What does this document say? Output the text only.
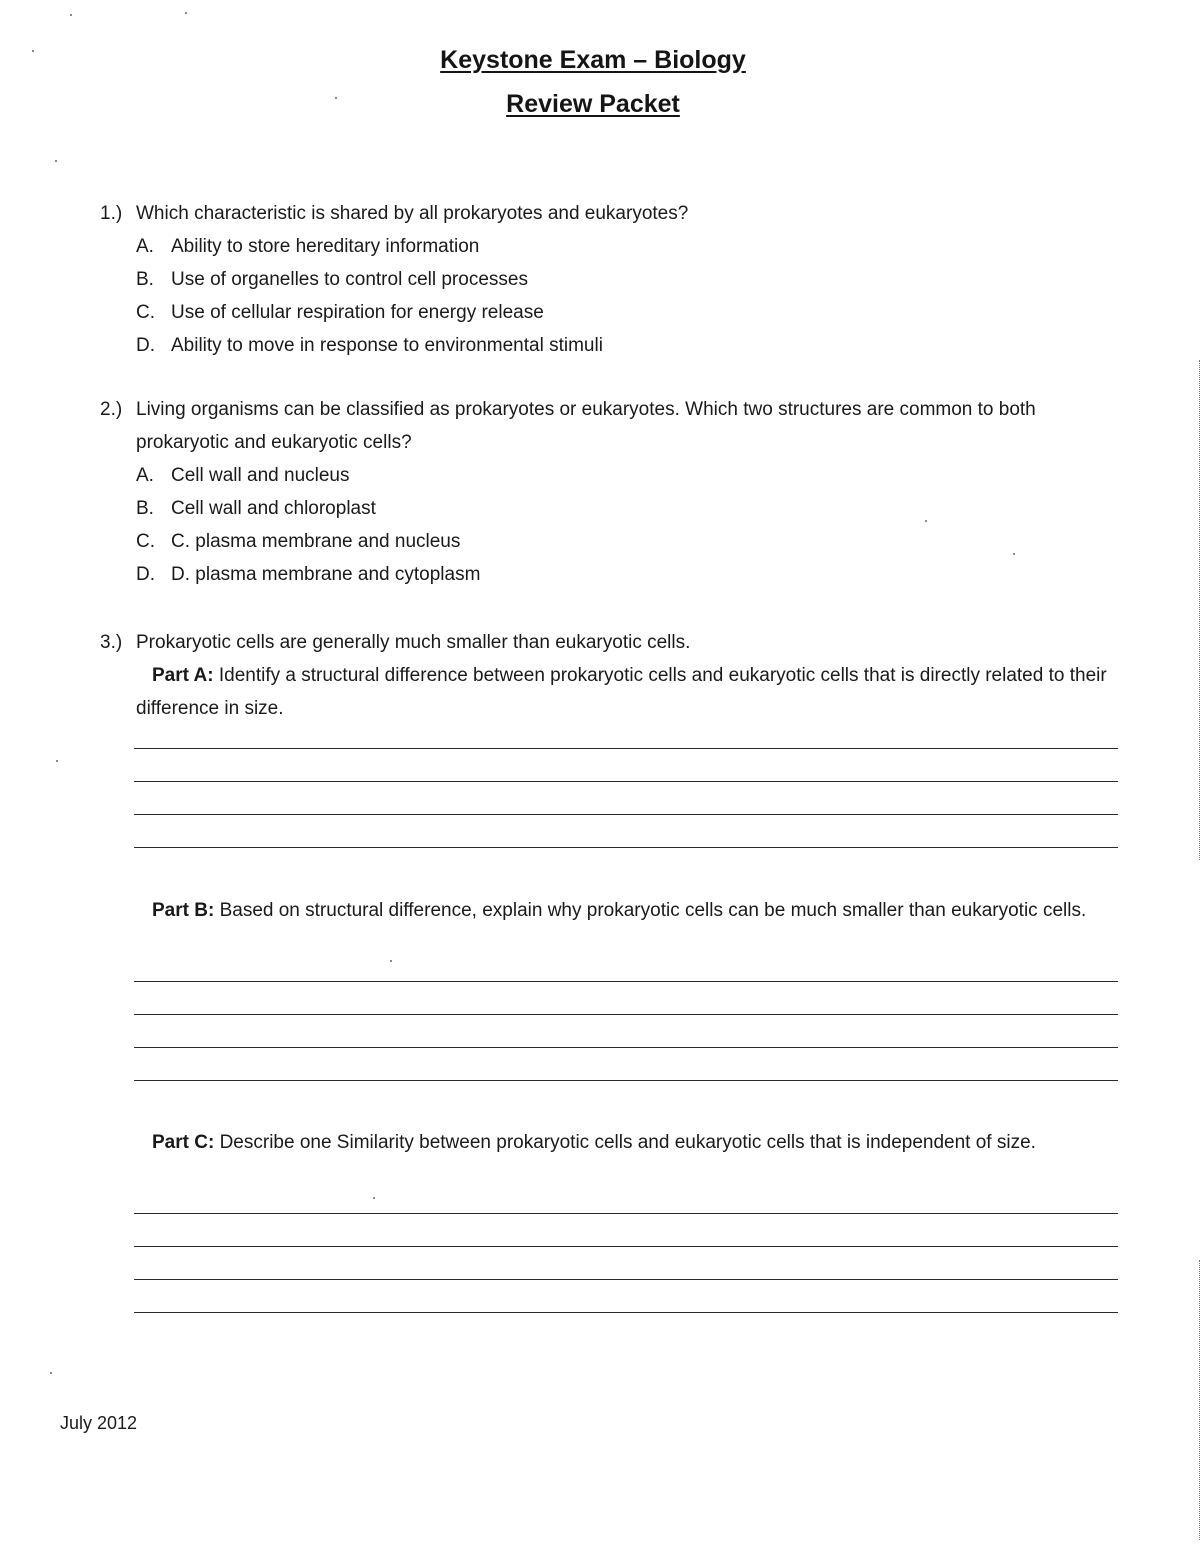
Keystone Exam – Biology
Review Packet
1.) Which characteristic is shared by all prokaryotes and eukaryotes?
A. Ability to store hereditary information
B. Use of organelles to control cell processes
C. Use of cellular respiration for energy release
D. Ability to move in response to environmental stimuli
2.) Living organisms can be classified as prokaryotes or eukaryotes. Which two structures are common to both prokaryotic and eukaryotic cells?
A. Cell wall and nucleus
B. Cell wall and chloroplast
C. C. plasma membrane and nucleus
D. D. plasma membrane and cytoplasm
3.) Prokaryotic cells are generally much smaller than eukaryotic cells.
Part A: Identify a structural difference between prokaryotic cells and eukaryotic cells that is directly related to their difference in size.
Part B: Based on structural difference, explain why prokaryotic cells can be much smaller than eukaryotic cells.
Part C: Describe one Similarity between prokaryotic cells and eukaryotic cells that is independent of size.
July 2012
